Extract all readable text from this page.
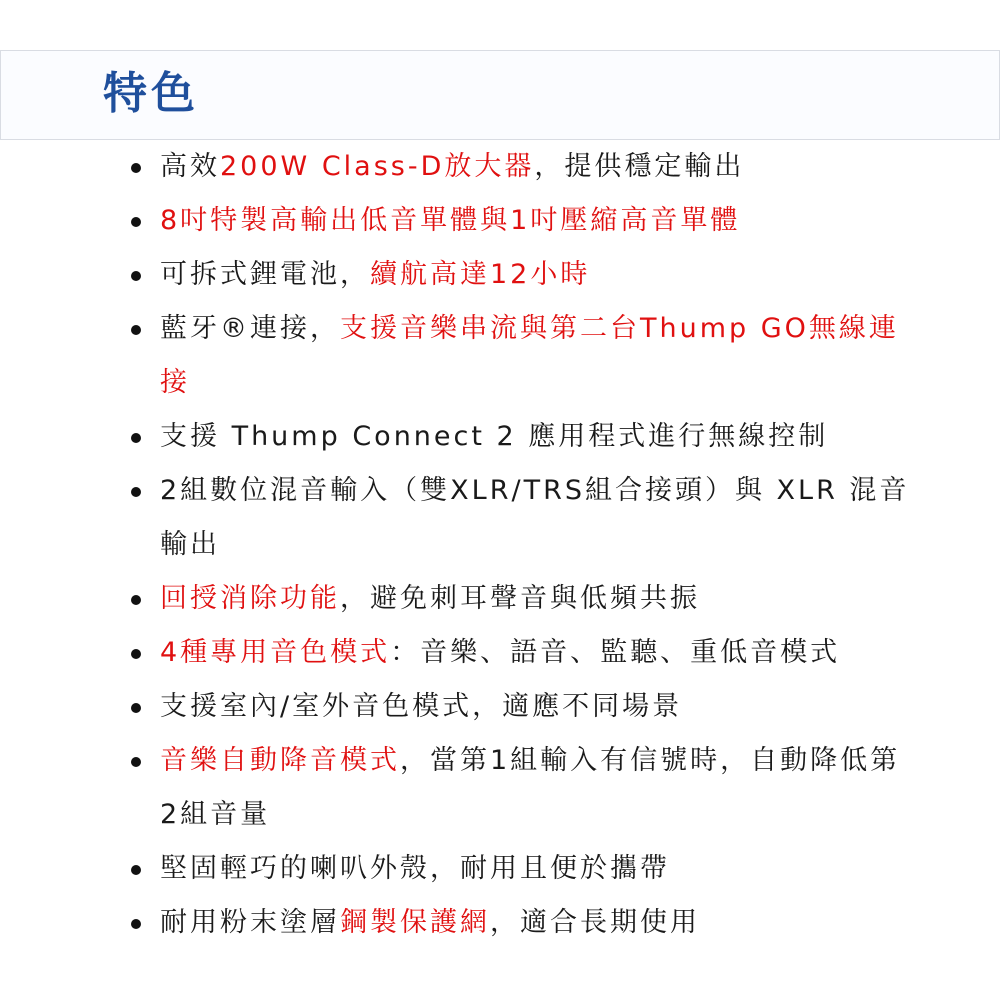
特色
高效200W Class-D放大器，提供穩定輸出
8吋特製高輸出低音單體與1吋壓縮高音單體
可拆式鋰電池，續航高達12小時
藍牙®連接，支援音樂串流與第二台Thump GO無線連接
支援 Thump Connect 2 應用程式進行無線控制
2組數位混音輸入（雙XLR/TRS組合接頭）與 XLR 混音輸出
回授消除功能，避免刺耳聲音與低頻共振
4種專用音色模式：音樂、語音、監聽、重低音模式
支援室內/室外音色模式，適應不同場景
音樂自動降音模式，當第1組輸入有信號時，自動降低第2組音量
堅固輕巧的喇叭外殼，耐用且便於攜帶
耐用粉末塗層鋼製保護網，適合長期使用
